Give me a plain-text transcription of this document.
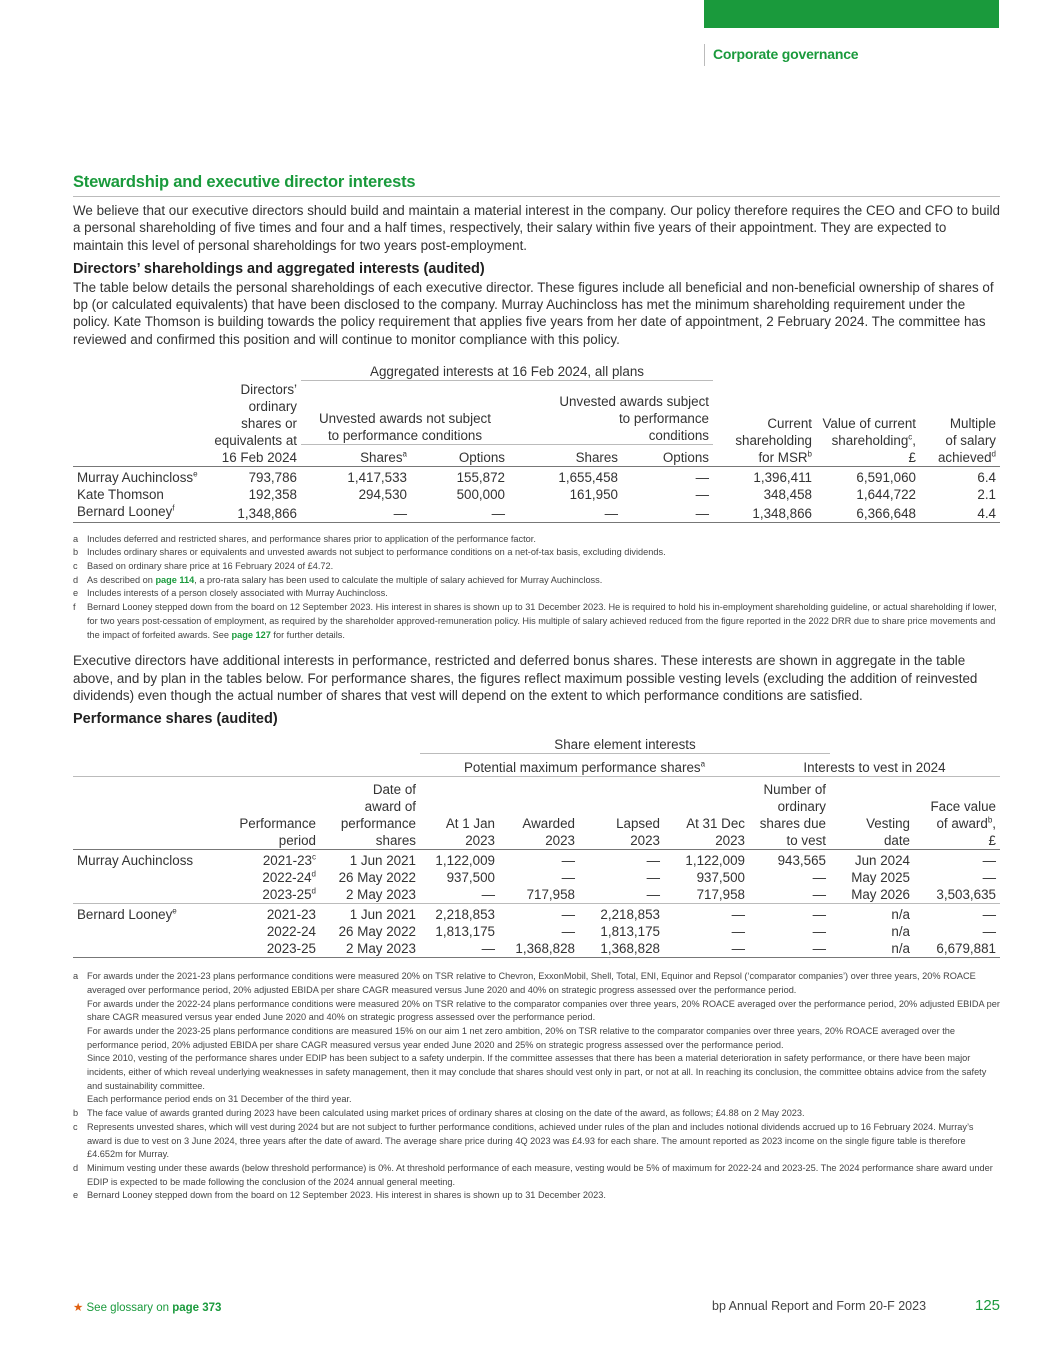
Corporate governance
Stewardship and executive director interests

We believe that our executive directors should build and maintain a material interest in the company. Our policy therefore requires the CEO and CFO to build a personal shareholding of five times and four and a half times, respectively, their salary within five years of their appointment. They are expected to maintain this level of personal shareholdings for two years post-employment.

Directors’ shareholdings and aggregated interests (audited)

The table below details the personal shareholdings of each executive director. These figures include all beneficial and non-beneficial ownership of shares of bp (or calculated equivalents) that have been disclosed to the company. Murray Auchincloss has met the minimum shareholding requirement under the policy. Kate Thomson is building towards the policy requirement that applies five years from her date of appointment, 2 February 2024. The committee has reviewed and confirmed this position and will continue to monitor compliance with this policy.

		Aggregated interests at 16 Feb 2024, all plans						
	Directors’
ordinary
shares or
equivalents at
16 Feb 2024	Unvested awards not subject
to performance conditions		Unvested awards subject
to performance
conditions		Current
shareholding
for MSR$^b$	Value of current
shareholding$^c$,
£	Multiple
of salary
achieved$^d$

		Shares$^a$	Options	Shares	Options			
Murray Auchincloss$^e$	793,786	1,417,533	155,872	1,655,458	—	1,396,411	6,591,060	6.4
Kate Thomson	192,358	294,530	500,000	161,950	—	348,458	1,644,722	2.1
Bernard Looney$^f$	1,348,866	—	—	—	—	1,348,866	6,366,648	4.4
a Includes deferred and restricted shares, and performance shares prior to application of the performance factor.
b Includes ordinary shares or equivalents and unvested awards not subject to performance conditions on a net-of-tax basis, excluding dividends.
c	Based on ordinary share price at 16 February 2024 of £4.72.
d As described on page 114, a pro-rata salary has been used to calculate the multiple of salary achieved for Murray Auchincloss.
e Includes interests of a person closely associated with Murray Auchincloss.
f	Bernard Looney stepped down from the board on 12 September 2023. His interest in shares is shown up to 31 December 2023. He is required to hold his in-employment shareholding guideline, or actual shareholding if lower, for two years post-cessation of employment, as required by the shareholder approved-remuneration policy. His multiple of salary achieved reduced from the figure reported in the 2022 DRR due to share price movements and the impact of forfeited awards. See page 127 for further details.

Executive directors have additional interests in performance, restricted and deferred bonus shares. These interests are shown in aggregate in the table above, and by plan in the tables below. For performance shares, the figures reflect maximum possible vesting levels (excluding the addition of reinvested dividends) even though the actual number of shares that vest will depend on the extent to which performance conditions are satisfied.

Performance shares (audited)
			Share element interests						
			Potential maximum performance shares$^a$				Interests to vest in 2024		
	Performance
period	Date of
award of
performance
shares	At 1 Jan
2023	Awarded
2023	Lapsed
2023	At 31 Dec
2023	Number of
ordinary
shares due
to vest	Vesting
date	Face value
of award$^b$,
£
Murray Auchincloss	2021-23$^c$	1 Jun 2021	1,122,009	—	—	1,122,009	943,565	Jun 2024	—
	2022-24$^d$	26 May 2022	937,500	—	—	937,500	—	May 2025	—
	2023-25$^d$	2 May 2023	—	717,958	—	717,958	—	May 2026	3,503,635
Bernard Looney$^e$	2021-23	1 Jun 2021	2,218,853	—	2,218,853	—	—	n/a	—
	2022-24	26 May 2022	1,813,175	—	1,813,175	—	—	n/a	—
	2023-25	2 May 2023	—	1,368,828	1,368,828	—	—	n/a	6,679,881
a For awards under the 2021-23 plans performance conditions were measured 20% on TSR relative to Chevron, ExxonMobil, Shell, Total, ENI, Equinor and Repsol (‘comparator companies’) over three years, 20% ROACE averaged over performance period, 20% adjusted EBIDA per share CAGR measured versus June 2020 and 40% on strategic progress assessed over the performance period.
For awards under the 2022-24 plans performance conditions were measured 20% on TSR relative to the comparator companies over three years, 20% ROACE averaged over the performance period, 20% adjusted EBIDA per share CAGR measured versus year ended June 2020 and 40% on strategic progress assessed over the performance period.
For awards under the 2023-25 plans performance conditions are measured 15% on our aim 1 net zero ambition, 20% on TSR relative to the comparator companies over three years, 20% ROACE averaged over the performance period, 20% adjusted EBIDA per share CAGR measured versus year ended June 2020 and 25% on strategic progress assessed over the performance period.
Since 2010, vesting of the performance shares under EDIP has been subject to a safety underpin. If the committee assesses that there has been a material deterioration in safety performance, or there have been major incidents, either of which reveal underlying weaknesses in safety management, then it may conclude that shares should vest only in part, or not at all. In reaching its conclusion, the committee obtains advice from the safety and sustainability committee.
Each performance period ends on 31 December of the third year.
b The face value of awards granted during 2023 have been calculated using market prices of ordinary shares at closing on the date of the award, as follows; £4.88 on 2 May 2023.
c	Represents unvested shares, which will vest during 2024 but are not subject to further performance conditions, achieved under rules of the plan and includes notional dividends accrued up to 16 February 2024. Murray’s award is due to vest on 3 June 2024, three years after the date of award. The average share price during 4Q 2023 was £4.93 for each share. The amount reported as 2023 income on the single figure table is therefore £4.652m for Murray.
d Minimum vesting under these awards (below threshold performance) is 0%. At threshold performance of each measure, vesting would be 5% of maximum for 2022-24 and 2023-25. The 2024 performance share award under EDIP is expected to be made following the conclusion of the 2024 annual general meeting.
e Bernard Looney stepped down from the board on 12 September 2023. His interest in shares is shown up to 31 December 2023.
★ See glossary on page 373	bp Annual Report and Form 20-F 2023	125
